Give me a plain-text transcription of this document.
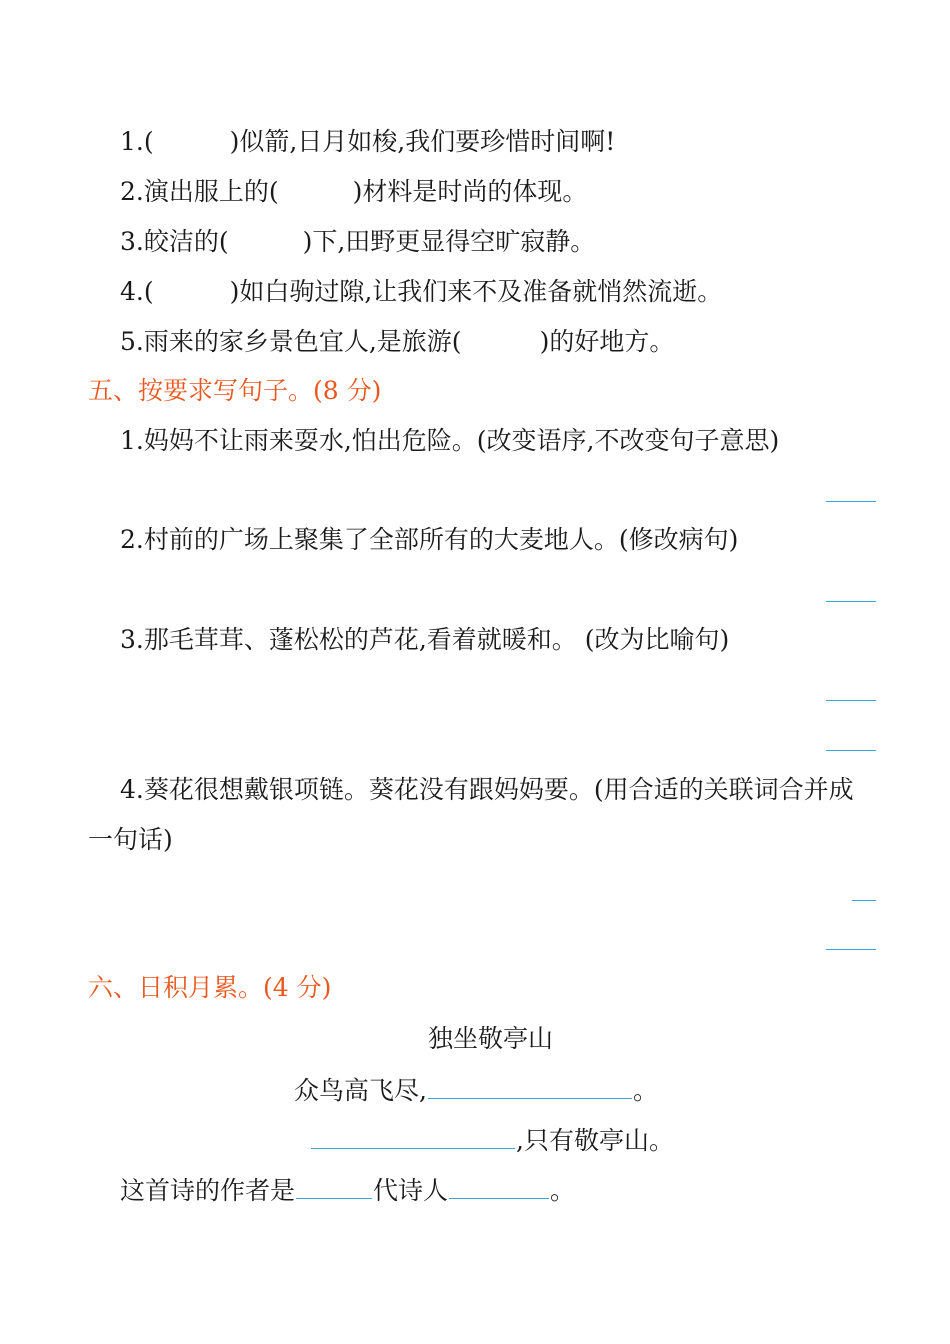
1.(	)似箭,日月如梭,我们要珍惜时间啊!
2.演出服上的(	)材料是时尚的体现。
3.皎洁的(	)下,田野更显得空旷寂静。
4.(	)如白驹过隙,让我们来不及准备就悄然流逝。
5.雨来的家乡景色宜人,是旅游(	)的好地方。
五、按要求写句子。(8 分)
1.妈妈不让雨来耍水,怕出危险。(改变语序,不改变句子意思)
2.村前的广场上聚集了全部所有的大麦地人。(修改病句)
3.那毛茸茸、蓬松松的芦花,看着就暖和。 (改为比喻句)
4.葵花很想戴银项链。葵花没有跟妈妈要。(用合适的关联词合并成
一句话)
六、日积月累。(4 分)
独坐敬亭山
众鸟高飞尽,	。
,只有敬亭山。
这首诗的作者是	代诗人	。
